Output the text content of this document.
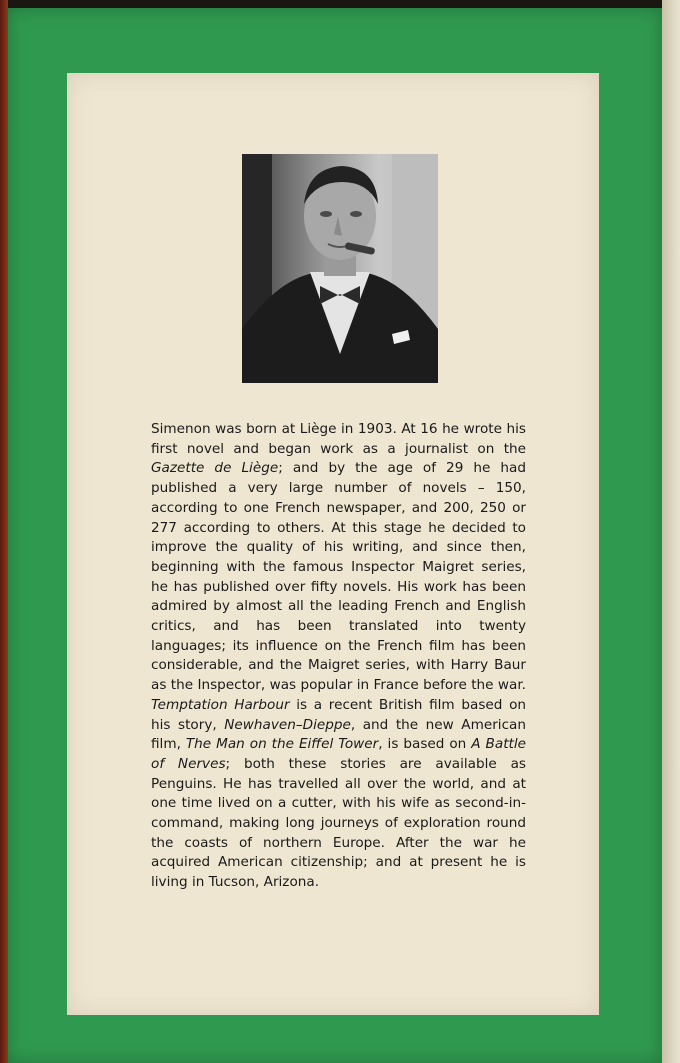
Simenon was born at Liège in 1903. At 16 he wrote his first novel and began work as a journalist on the Gazette de Liège; and by the age of 29 he had published a very large number of novels – 150, according to one French newspaper, and 200, 250 or 277 according to others. At this stage he decided to improve the quality of his writing, and since then, beginning with the famous Inspector Maigret series, he has published over fifty novels. His work has been admired by almost all the leading French and English critics, and has been translated into twenty languages; its influence on the French film has been considerable, and the Maigret series, with Harry Baur as the Inspector, was popular in France before the war. Temptation Harbour is a recent British film based on his story, Newhaven–Dieppe, and the new American film, The Man on the Eiffel Tower, is based on A Battle of Nerves; both these stories are available as Penguins. He has travelled all over the world, and at one time lived on a cutter, with his wife as second-in-command, making long journeys of exploration round the coasts of northern Europe. After the war he acquired American citizenship; and at present he is living in Tucson, Arizona.
